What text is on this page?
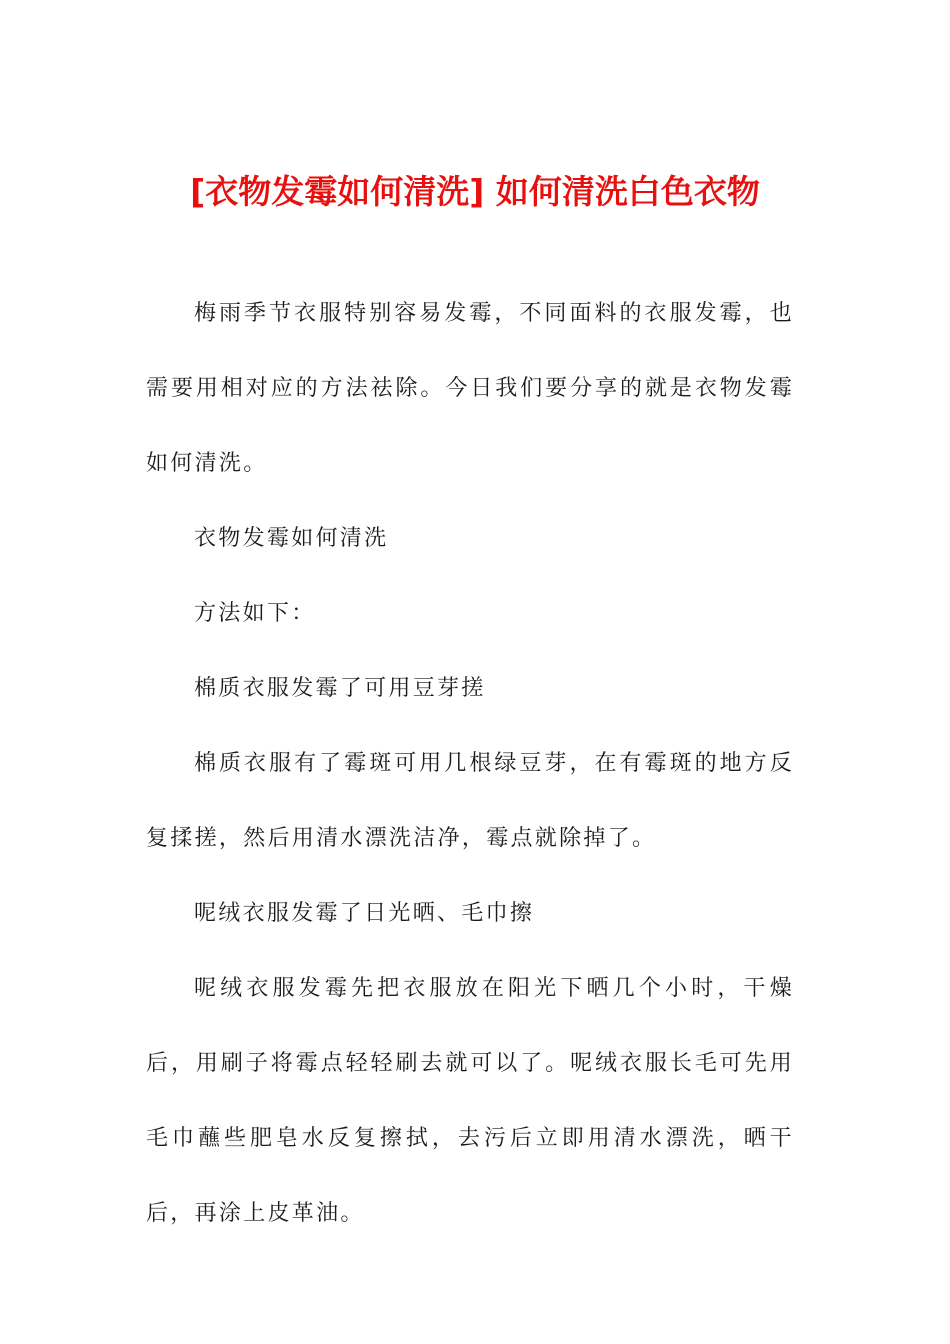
[衣物发霉如何清洗] 如何清洗白色衣物

梅雨季节衣服特别容易发霉，不同面料的衣服发霉，也需要用相对应的方法祛除。今日我们要分享的就是衣物发霉如何清洗。

衣物发霉如何清洗

方法如下：

棉质衣服发霉了可用豆芽搓

棉质衣服有了霉斑可用几根绿豆芽，在有霉斑的地方反复揉搓，然后用清水漂洗洁净，霉点就除掉了。

呢绒衣服发霉了日光晒、毛巾擦

呢绒衣服发霉先把衣服放在阳光下晒几个小时，干燥后，用刷子将霉点轻轻刷去就可以了。呢绒衣服长毛可先用毛巾蘸些肥皂水反复擦拭，去污后立即用清水漂洗，晒干后，再涂上皮革油。
